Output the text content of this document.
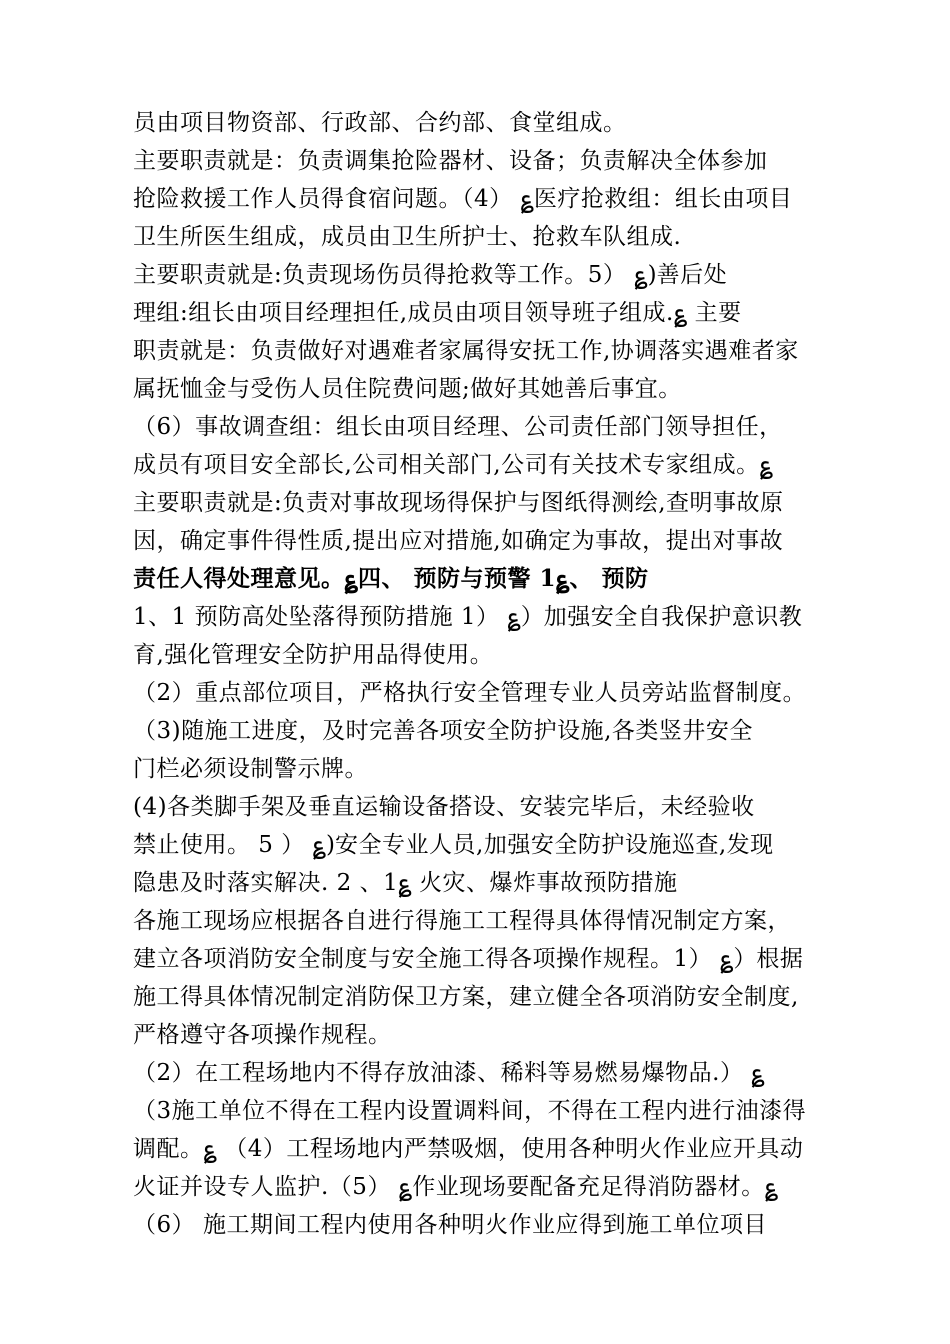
员由项目物资部、行政部、合约部、食堂组成。
主要职责就是：负责调集抢险器材、设备；负责解决全体参加
抢险救援工作人员得食宿问题。（4） ؏医疗抢救组：组长由项目
卫生所医生组成，成员由卫生所护士、抢救车队组成.
主要职责就是:负责现场伤员得抢救等工作。5） ؏)善后处
理组:组长由项目经理担任,成员由项目领导班子组成.؏ 主要
职责就是：负责做好对遇难者家属得安抚工作,协调落实遇难者家
属抚恤金与受伤人员住院费问题;做好其她善后事宜。
（6）事故调查组：组长由项目经理、公司责任部门领导担任，
成员有项目安全部长,公司相关部门,公司有关技术专家组成。؏
主要职责就是:负责对事故现场得保护与图纸得测绘,查明事故原
因，确定事件得性质,提出应对措施,如确定为事故，提出对事故
责任人得处理意见。؏四、 预防与预警 1؏、 预防
1、1 预防高处坠落得预防措施 1） ؏）加强安全自我保护意识教
育,强化管理安全防护用品得使用。
（2）重点部位项目，严格执行安全管理专业人员旁站监督制度。
（3)随施工进度，及时完善各项安全防护设施,各类竖井安全
门栏必须设制警示牌。
(4)各类脚手架及垂直运输设备搭设、安装完毕后，未经验收
禁止使用。 5 ） ؏)安全专业人员,加强安全防护设施巡查,发现
隐患及时落实解决. 2 、1؏ 火灾、爆炸事故预防措施
各施工现场应根据各自进行得施工工程得具体得情况制定方案，
建立各项消防安全制度与安全施工得各项操作规程。1） ؏）根据
施工得具体情况制定消防保卫方案，建立健全各项消防安全制度,
严格遵守各项操作规程。
（2）在工程场地内不得存放油漆、稀料等易燃易爆物品.） ؏
（3施工单位不得在工程内设置调料间，不得在工程内进行油漆得
调配。؏ （4）工程场地内严禁吸烟，使用各种明火作业应开具动
火证并设专人监护.（5） ؏作业现场要配备充足得消防器材。؏
（6） 施工期间工程内使用各种明火作业应得到施工单位项目
